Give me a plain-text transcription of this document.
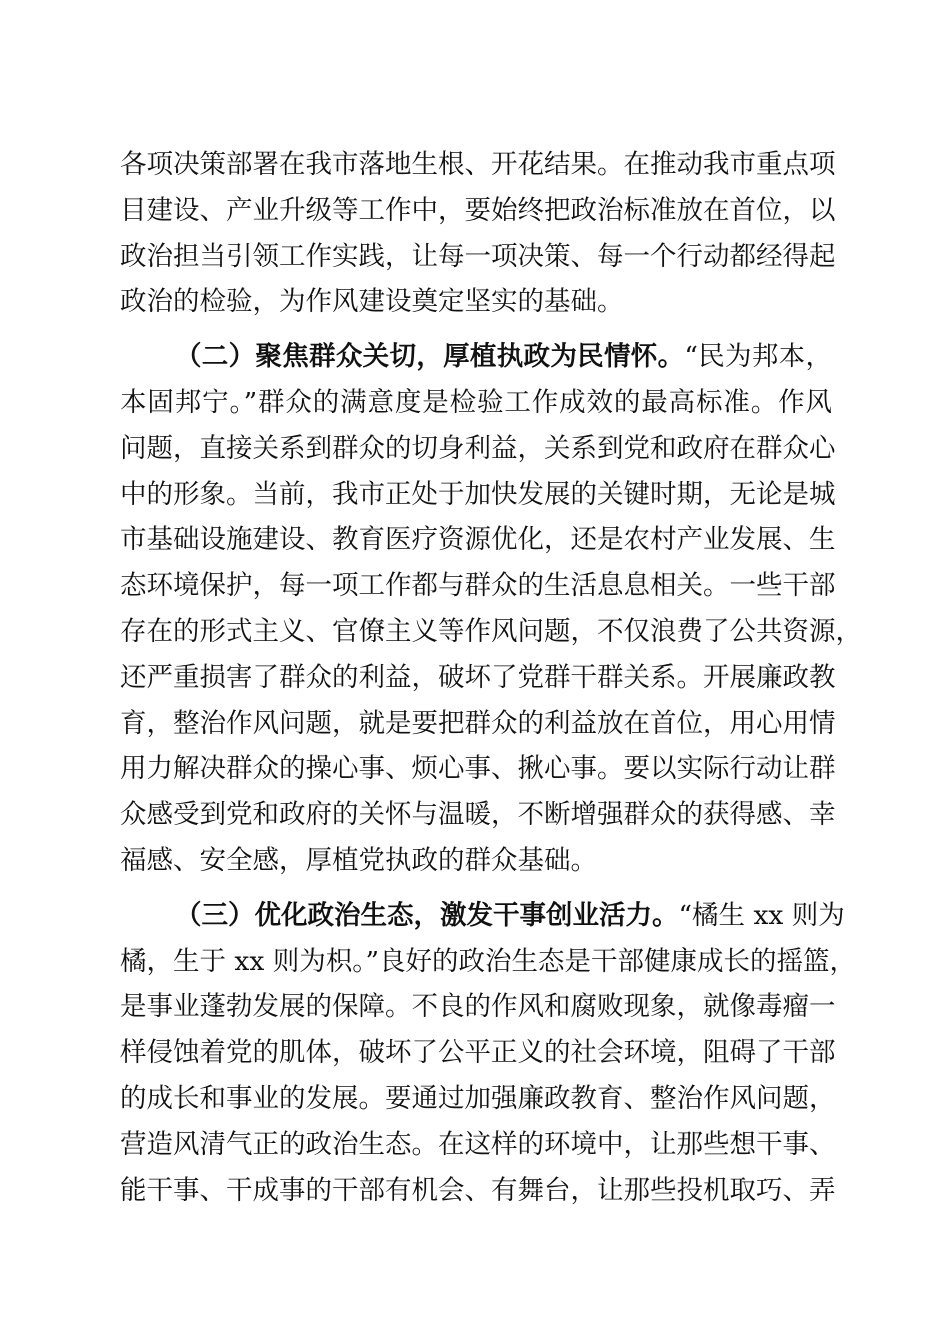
各项决策部署在我市落地生根、开花结果。在推动我市重点项
目建设、产业升级等工作中，要始终把政治标准放在首位，以
政治担当引领工作实践，让每一项决策、每一个行动都经得起
政治的检验，为作风建设奠定坚实的基础。
（二）聚焦群众关切，厚植执政为民情怀。“民为邦本，
本固邦宁。”群众的满意度是检验工作成效的最高标准。作风
问题，直接关系到群众的切身利益，关系到党和政府在群众心
中的形象。当前，我市正处于加快发展的关键时期，无论是城
市基础设施建设、教育医疗资源优化，还是农村产业发展、生
态环境保护，每一项工作都与群众的生活息息相关。一些干部
存在的形式主义、官僚主义等作风问题，不仅浪费了公共资源，
还严重损害了群众的利益，破坏了党群干群关系。开展廉政教
育，整治作风问题，就是要把群众的利益放在首位，用心用情
用力解决群众的操心事、烦心事、揪心事。要以实际行动让群
众感受到党和政府的关怀与温暖，不断增强群众的获得感、幸
福感、安全感，厚植党执政的群众基础。
（三）优化政治生态，激发干事创业活力。“橘生 xx 则为
橘，生于 xx 则为枳。”良好的政治生态是干部健康成长的摇篮，
是事业蓬勃发展的保障。不良的作风和腐败现象，就像毒瘤一
样侵蚀着党的肌体，破坏了公平正义的社会环境，阻碍了干部
的成长和事业的发展。要通过加强廉政教育、整治作风问题，
营造风清气正的政治生态。在这样的环境中，让那些想干事、
能干事、干成事的干部有机会、有舞台，让那些投机取巧、弄
